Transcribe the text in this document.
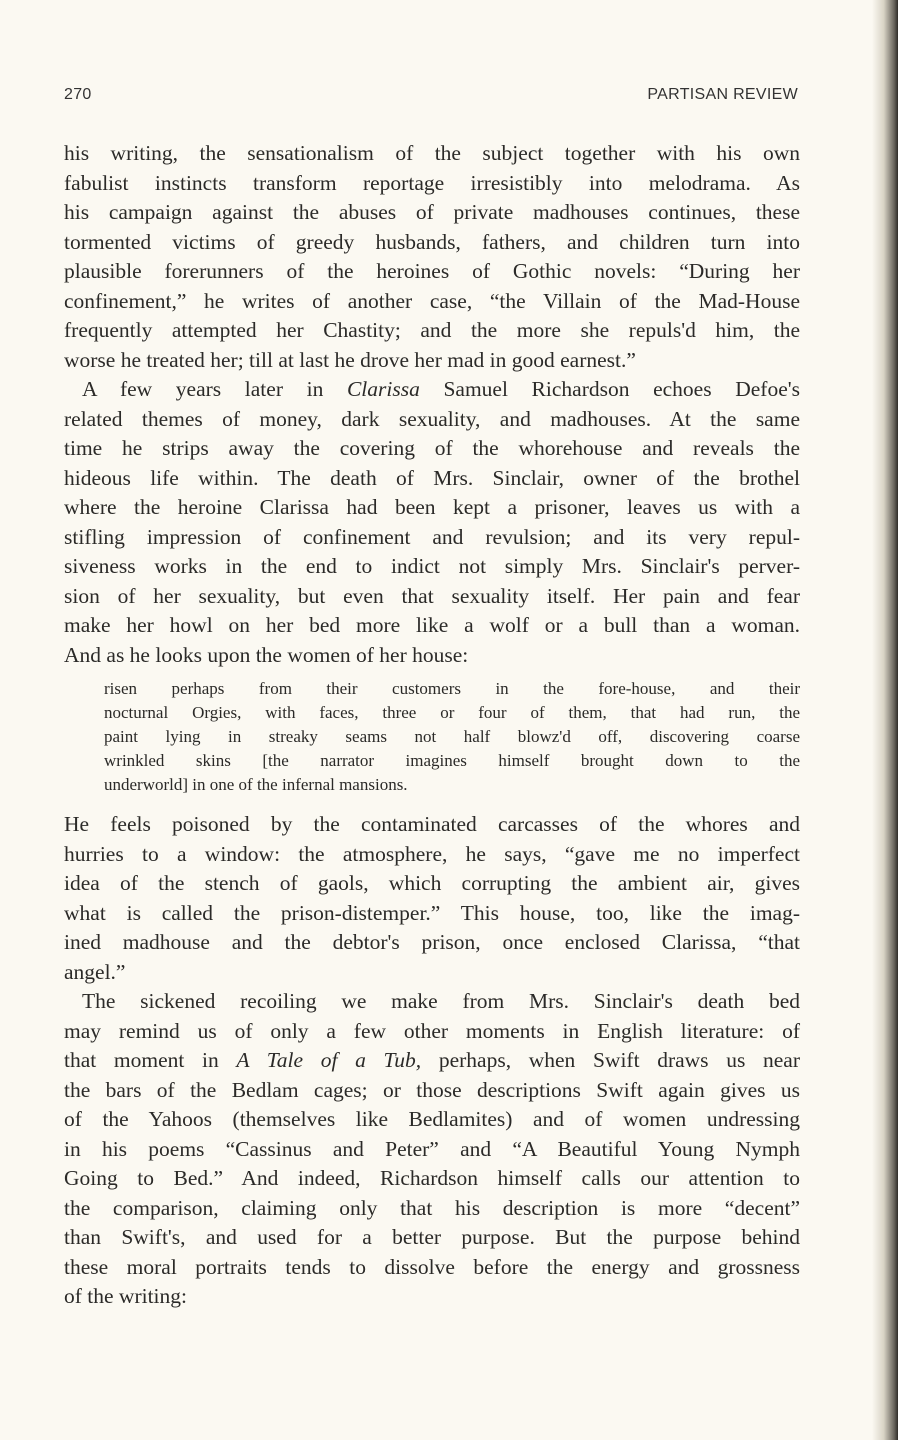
270	PARTISAN REVIEW
his writing, the sensationalism of the subject together with his own
fabulist instincts transform reportage irresistibly into melodrama. As
his campaign against the abuses of private madhouses continues, these
tormented victims of greedy husbands, fathers, and children turn into
plausible forerunners of the heroines of Gothic novels: “During her
confinement,” he writes of another case, “the Villain of the Mad-House
frequently attempted her Chastity; and the more she repuls'd him, the
worse he treated her; till at last he drove her mad in good earnest.”
A few years later in Clarissa Samuel Richardson echoes Defoe's
related themes of money, dark sexuality, and madhouses. At the same
time he strips away the covering of the whorehouse and reveals the
hideous life within. The death of Mrs. Sinclair, owner of the brothel
where the heroine Clarissa had been kept a prisoner, leaves us with a
stifling impression of confinement and revulsion; and its very repul-
siveness works in the end to indict not simply Mrs. Sinclair's perver-
sion of her sexuality, but even that sexuality itself. Her pain and fear
make her howl on her bed more like a wolf or a bull than a woman.
And as he looks upon the women of her house:
risen perhaps from their customers in the fore-house, and their
nocturnal Orgies, with faces, three or four of them, that had run, the
paint lying in streaky seams not half blowz'd off, discovering coarse
wrinkled skins [the narrator imagines himself brought down to the
underworld] in one of the infernal mansions.
He feels poisoned by the contaminated carcasses of the whores and
hurries to a window: the atmosphere, he says, “gave me no imperfect
idea of the stench of gaols, which corrupting the ambient air, gives
what is called the prison-distemper.” This house, too, like the imag-
ined madhouse and the debtor's prison, once enclosed Clarissa, “that
angel.”
The sickened recoiling we make from Mrs. Sinclair's death bed
may remind us of only a few other moments in English literature: of
that moment in A Tale of a Tub, perhaps, when Swift draws us near
the bars of the Bedlam cages; or those descriptions Swift again gives us
of the Yahoos (themselves like Bedlamites) and of women undressing
in his poems “Cassinus and Peter” and “A Beautiful Young Nymph
Going to Bed.” And indeed, Richardson himself calls our attention to
the comparison, claiming only that his description is more “decent”
than Swift's, and used for a better purpose. But the purpose behind
these moral portraits tends to dissolve before the energy and grossness
of the writing:
